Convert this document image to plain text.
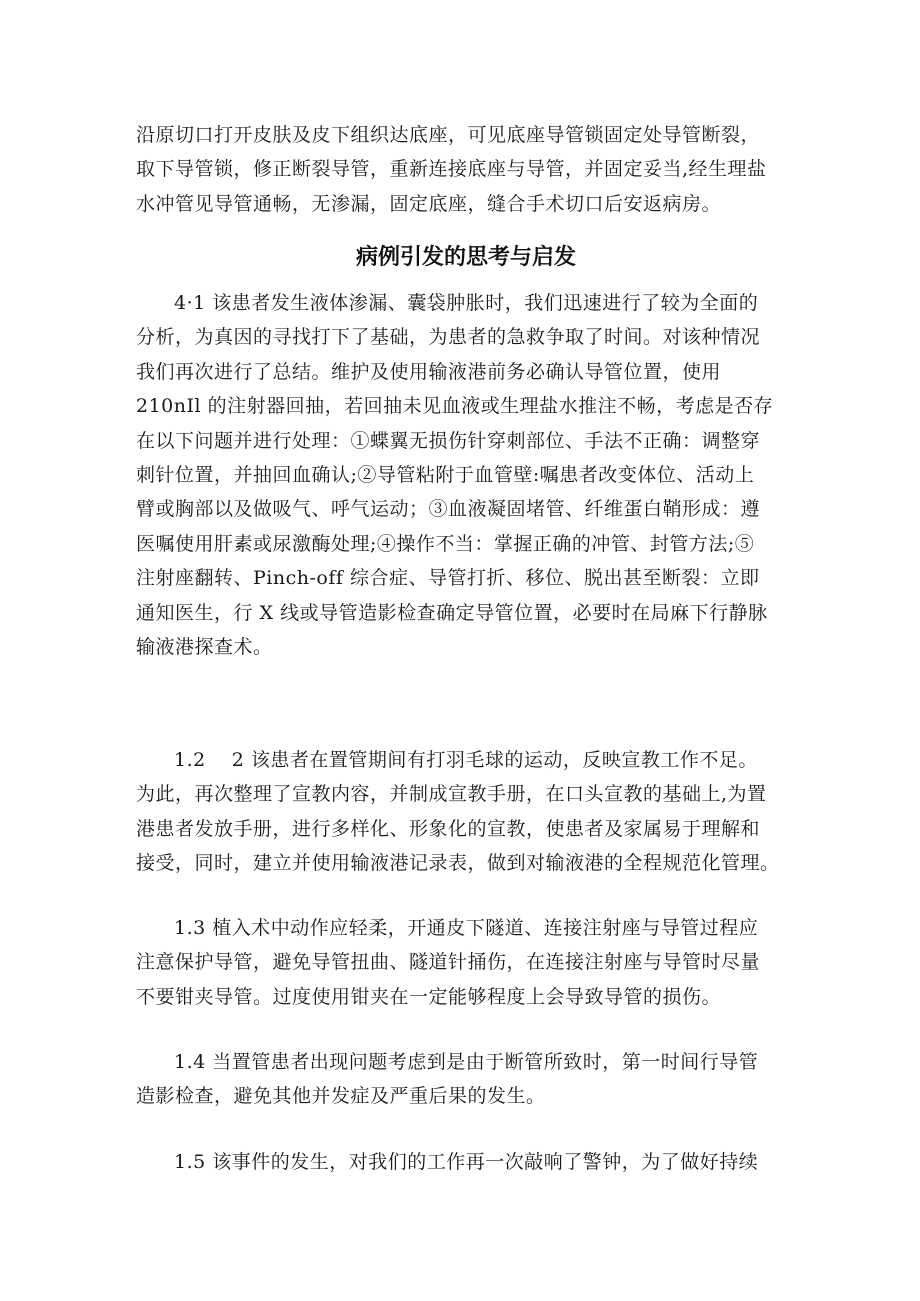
沿原切口打开皮肤及皮下组织达底座，可见底座导管锁固定处导管断裂，
取下导管锁，修正断裂导管，重新连接底座与导管，并固定妥当,经生理盐
水冲管见导管通畅，无渗漏，固定底座，缝合手术切口后安返病房。
病例引发的思考与启发
4·1 该患者发生液体渗漏、囊袋肿胀时，我们迅速进行了较为全面的
分析，为真因的寻找打下了基础，为患者的急救争取了时间。对该种情况
我们再次进行了总结。维护及使用输液港前务必确认导管位置，使用
210nIl 的注射器回抽，若回抽未见血液或生理盐水推注不畅，考虑是否存
在以下问题并进行处理：①蝶翼无损伤针穿刺部位、手法不正确：调整穿
刺针位置，并抽回血确认;②导管粘附于血管壁:嘱患者改变体位、活动上
臂或胸部以及做吸气、呼气运动；③血液凝固堵管、纤维蛋白鞘形成：遵
医嘱使用肝素或尿激酶处理;④操作不当：掌握正确的冲管、封管方法;⑤
注射座翻转、Pinch-off 综合症、导管打折、移位、脱出甚至断裂：立即
通知医生，行 X 线或导管造影检查确定导管位置，必要时在局麻下行静脉
输液港探查术。
1.2　 2 该患者在置管期间有打羽毛球的运动，反映宣教工作不足。
为此，再次整理了宣教内容，并制成宣教手册，在口头宣教的基础上,为置
港患者发放手册，进行多样化、形象化的宣教，使患者及家属易于理解和
接受，同时，建立并使用输液港记录表，做到对输液港的全程规范化管理。
1.3 植入术中动作应轻柔，开通皮下隧道、连接注射座与导管过程应
注意保护导管，避免导管扭曲、隧道针捅伤，在连接注射座与导管时尽量
不要钳夹导管。过度使用钳夹在一定能够程度上会导致导管的损伤。
1.4 当置管患者出现问题考虑到是由于断管所致时，第一时间行导管
造影检查，避免其他并发症及严重后果的发生。
1.5 该事件的发生，对我们的工作再一次敲响了警钟，为了做好持续
